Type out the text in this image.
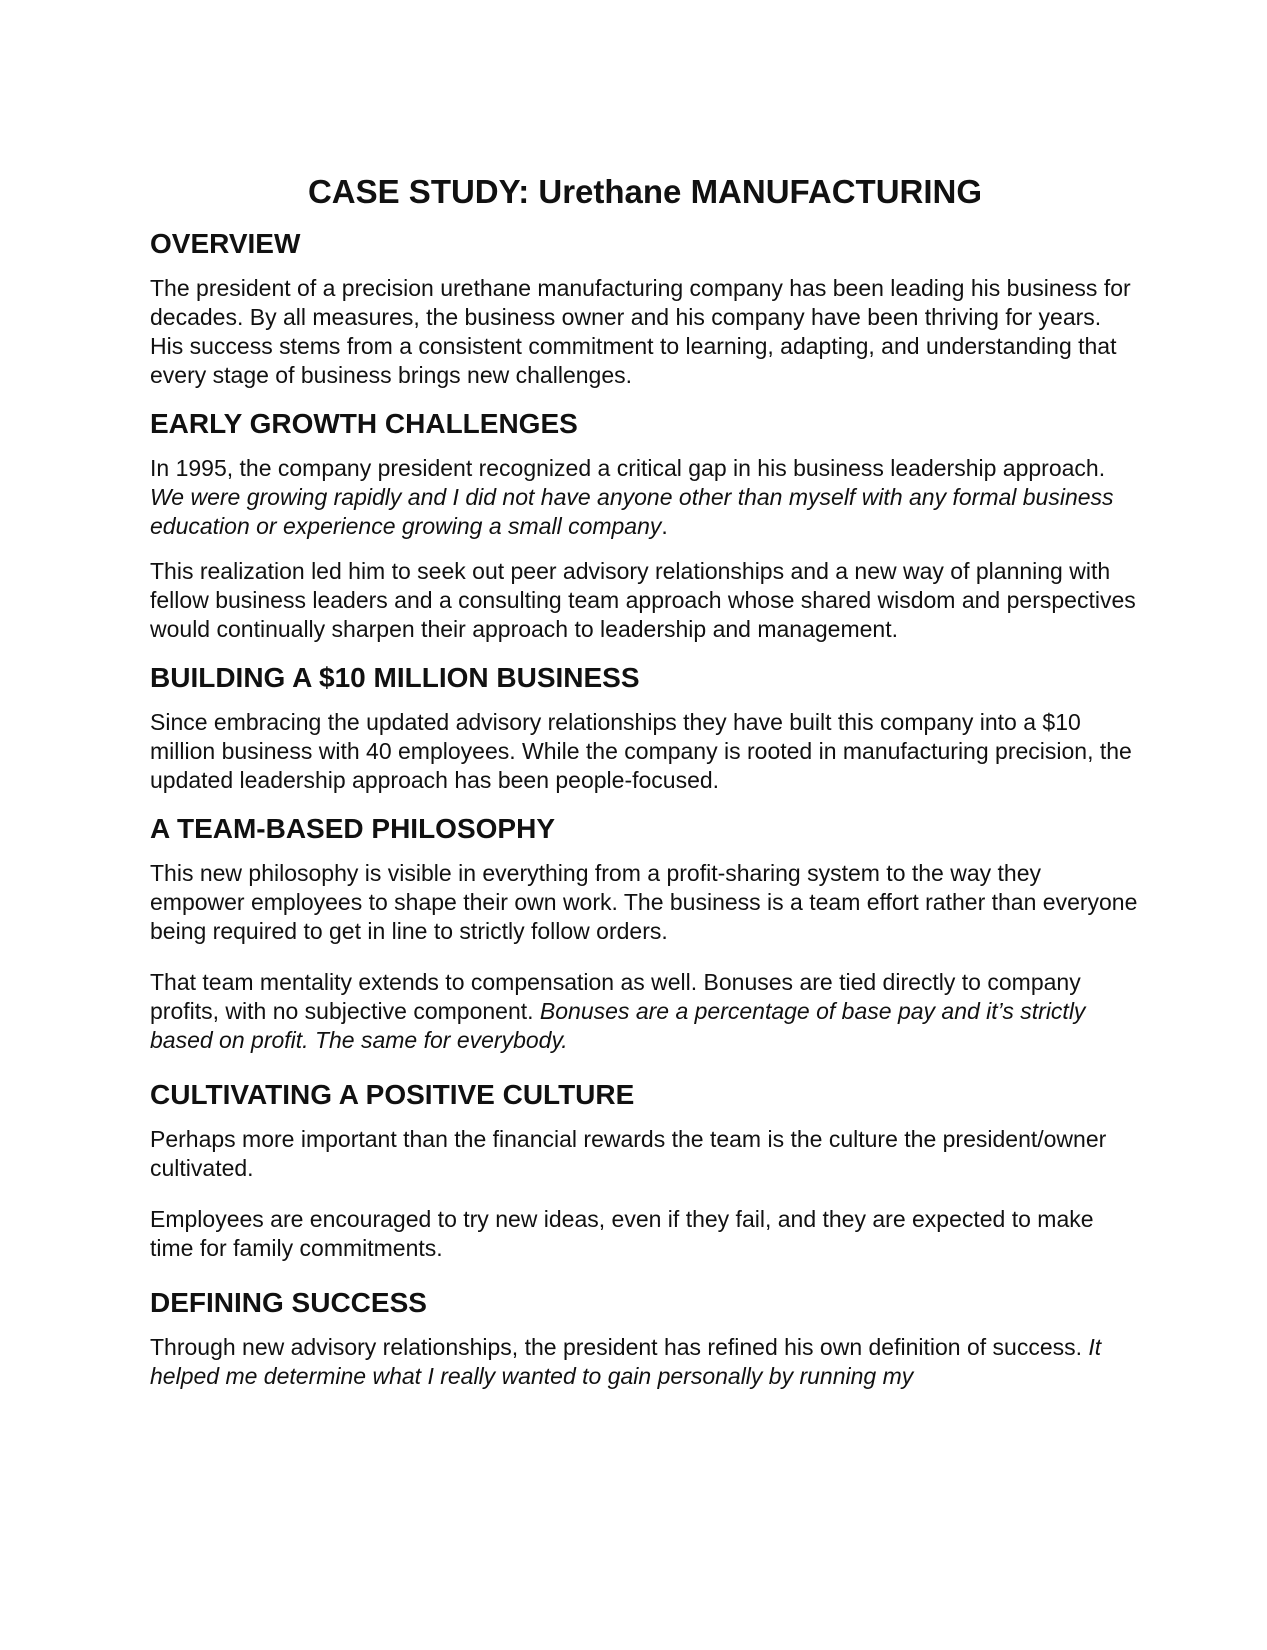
CASE STUDY: Urethane MANUFACTURING
OVERVIEW

The president of a precision urethane manufacturing company has been leading his business for decades. By all measures, the business owner and his company have been thriving for years. His success stems from a consistent commitment to learning, adapting, and understanding that every stage of business brings new challenges.

EARLY GROWTH CHALLENGES

In 1995, the company president recognized a critical gap in his business leadership approach. We were growing rapidly and I did not have anyone other than myself with any formal business education or experience growing a small company.

This realization led him to seek out peer advisory relationships and a new way of planning with fellow business leaders and a consulting team approach whose shared wisdom and perspectives would continually sharpen their approach to leadership and management.

BUILDING A $10 MILLION BUSINESS

Since embracing the updated advisory relationships they have built this company into a $10 million business with 40 employees. While the company is rooted in manufacturing precision, the updated leadership approach has been people-focused.

A TEAM-BASED PHILOSOPHY

This new philosophy is visible in everything from a profit-sharing system to the way they empower employees to shape their own work. The business is a team effort rather than everyone being required to get in line to strictly follow orders.

That team mentality extends to compensation as well. Bonuses are tied directly to company profits, with no subjective component. Bonuses are a percentage of base pay and it’s strictly based on profit. The same for everybody.

CULTIVATING A POSITIVE CULTURE

Perhaps more important than the financial rewards the team is the culture the president/owner cultivated.

Employees are encouraged to try new ideas, even if they fail, and they are expected to make time for family commitments.

DEFINING SUCCESS

Through new advisory relationships, the president has refined his own definition of success. It helped me determine what I really wanted to gain personally by running my
